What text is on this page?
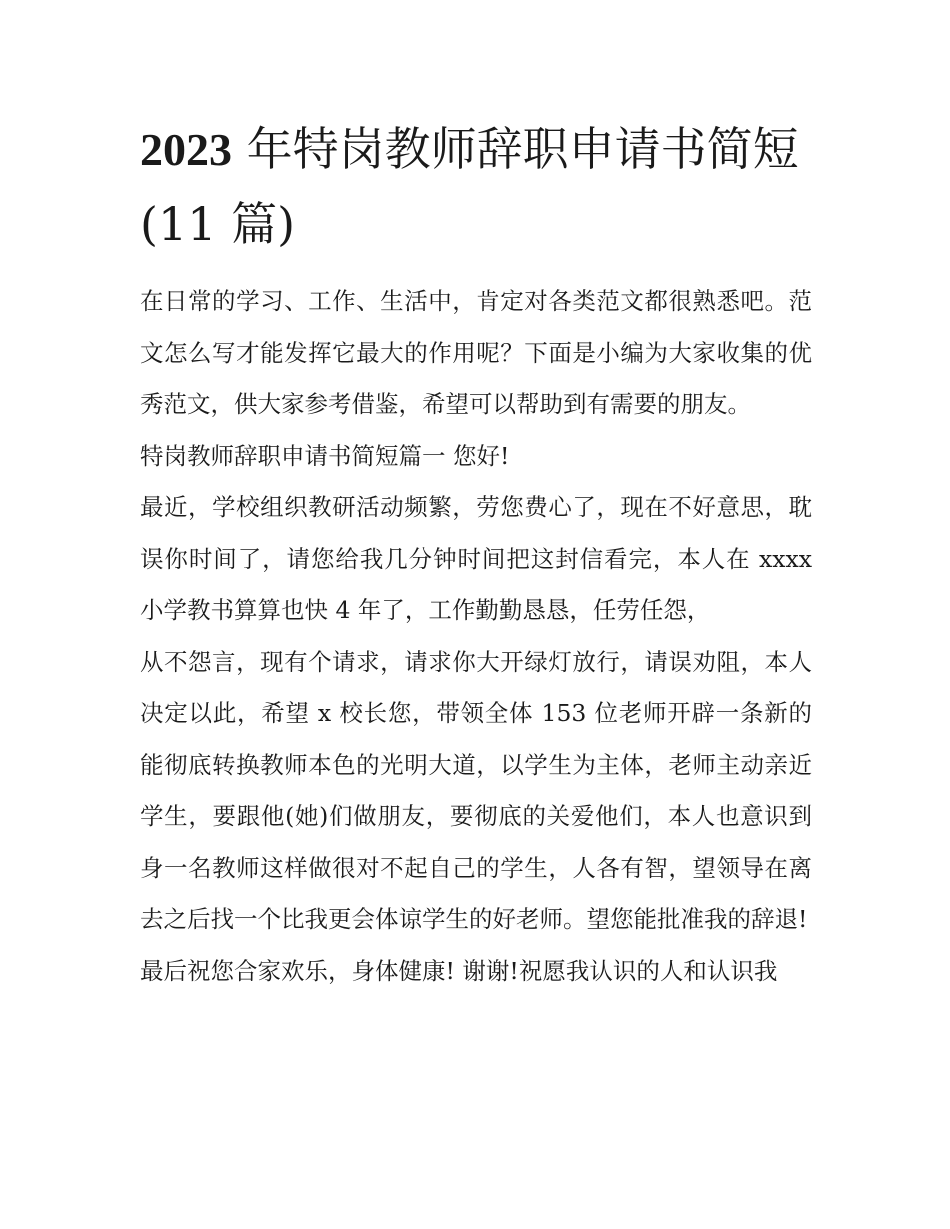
2023 年特岗教师辞职申请书简短(11 篇)

在日常的学习、工作、生活中，肯定对各类范文都很熟悉吧。范文怎么写才能发挥它最大的作用呢？下面是小编为大家收集的优秀范文，供大家参考借鉴，希望可以帮助到有需要的朋友。

特岗教师辞职申请书简短篇一 您好!

最近，学校组织教研活动频繁，劳您费心了，现在不好意思，耽误你时间了，请您给我几分钟时间把这封信看完，本人在 xxxx 小学教书算算也快 4 年了，工作勤勤恳恳，任劳任怨，

从不怨言，现有个请求，请求你大开绿灯放行，请误劝阻，本人决定以此，希望 x 校长您，带领全体 153 位老师开辟一条新的能彻底转换教师本色的光明大道，以学生为主体，老师主动亲近学生，要跟他(她)们做朋友，要彻底的关爱他们，本人也意识到身一名教师这样做很对不起自己的学生，人各有智，望领导在离去之后找一个比我更会体谅学生的好老师。望您能批准我的辞退!

最后祝您合家欢乐，身体健康! 谢谢!祝愿我认识的人和认识我
